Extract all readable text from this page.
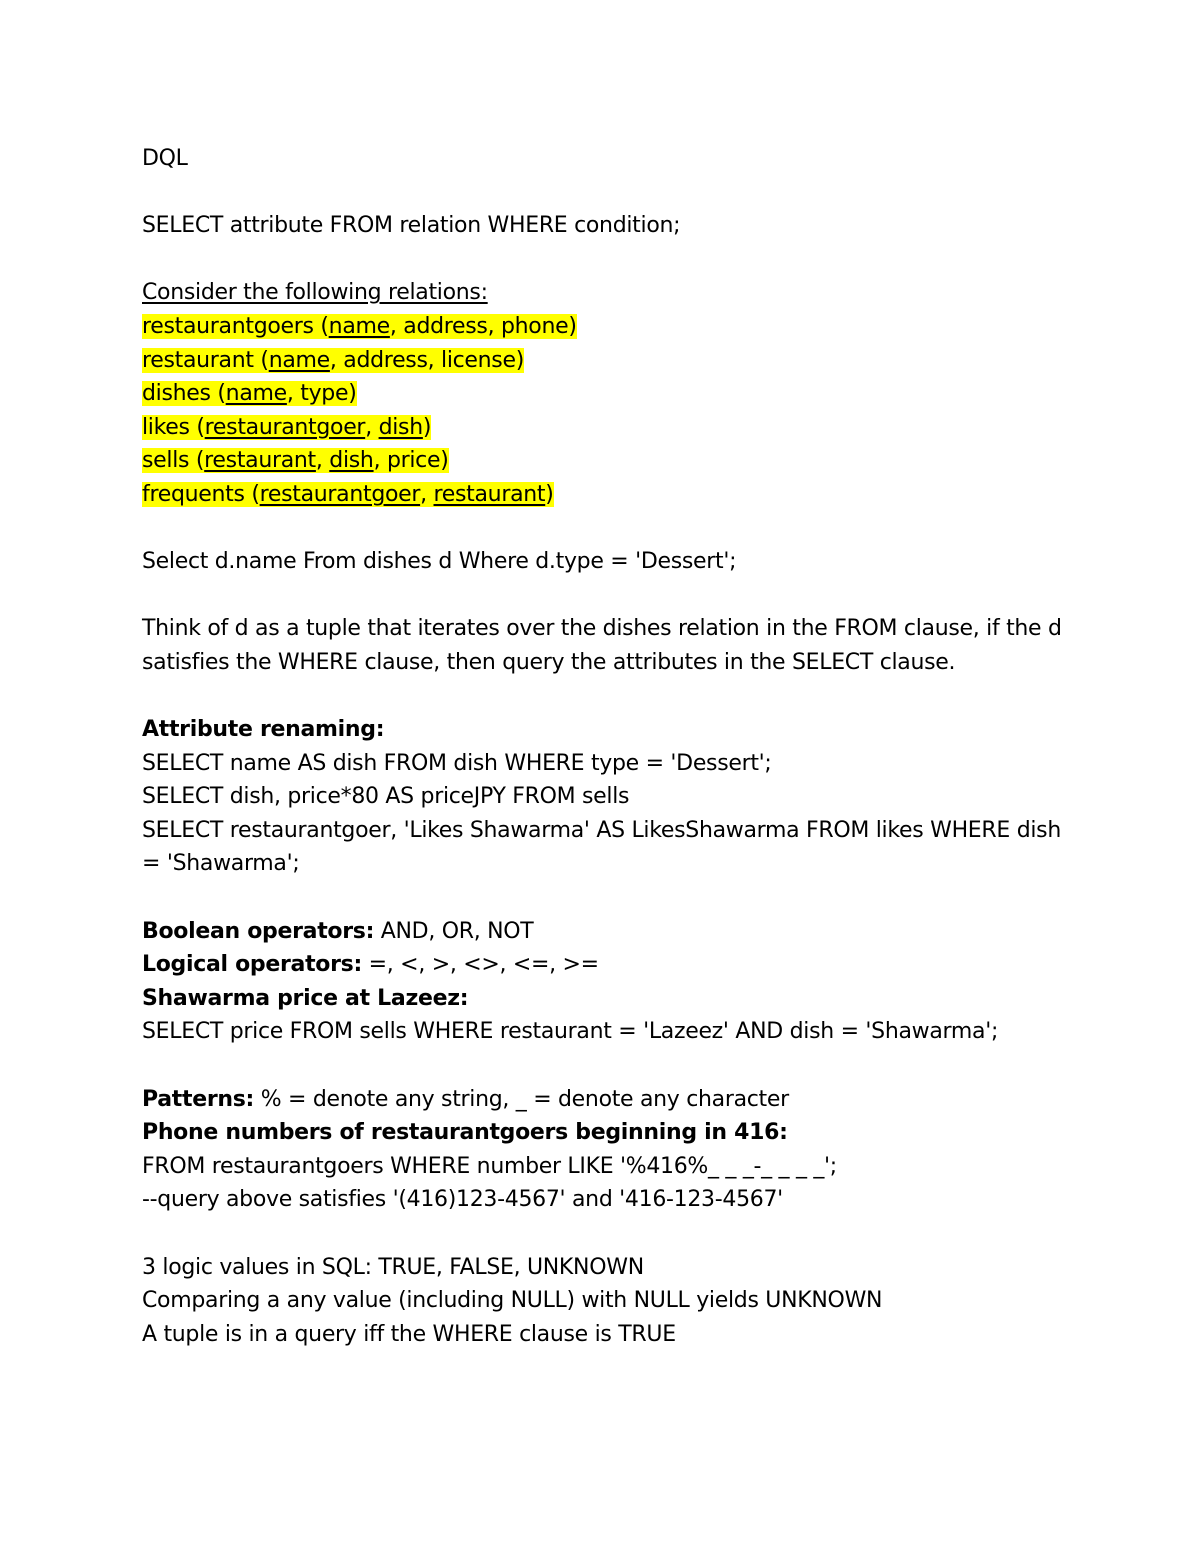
DQL
SELECT attribute FROM relation WHERE condition;
Consider the following relations:
restaurantgoers (name, address, phone)
restaurant (name, address, license)
dishes (name, type)
likes (restaurantgoer, dish)
sells (restaurant, dish, price)
frequents (restaurantgoer, restaurant)
Select d.name From dishes d Where d.type = 'Dessert';
Think of d as a tuple that iterates over the dishes relation in the FROM clause, if the d satisfies the WHERE clause, then query the attributes in the SELECT clause.
Attribute renaming:
SELECT name AS dish FROM dish WHERE type = 'Dessert';
SELECT dish, price*80 AS priceJPY FROM sells
SELECT restaurantgoer, 'Likes Shawarma' AS LikesShawarma FROM likes WHERE dish = 'Shawarma';
Boolean operators: AND, OR, NOT
Logical operators: =, <, >, <>, <=, >=
Shawarma price at Lazeez:
SELECT price FROM sells WHERE restaurant = 'Lazeez' AND dish = 'Shawarma';
Patterns: % = denote any string, _ = denote any character
Phone numbers of restaurantgoers beginning in 416:
FROM restaurantgoers WHERE number LIKE '%416%_ _ _-_ _ _ _';
--query above satisfies '(416)123-4567' and '416-123-4567'
3 logic values in SQL: TRUE, FALSE, UNKNOWN
Comparing a any value (including NULL) with NULL yields UNKNOWN
A tuple is in a query iff the WHERE clause is TRUE
